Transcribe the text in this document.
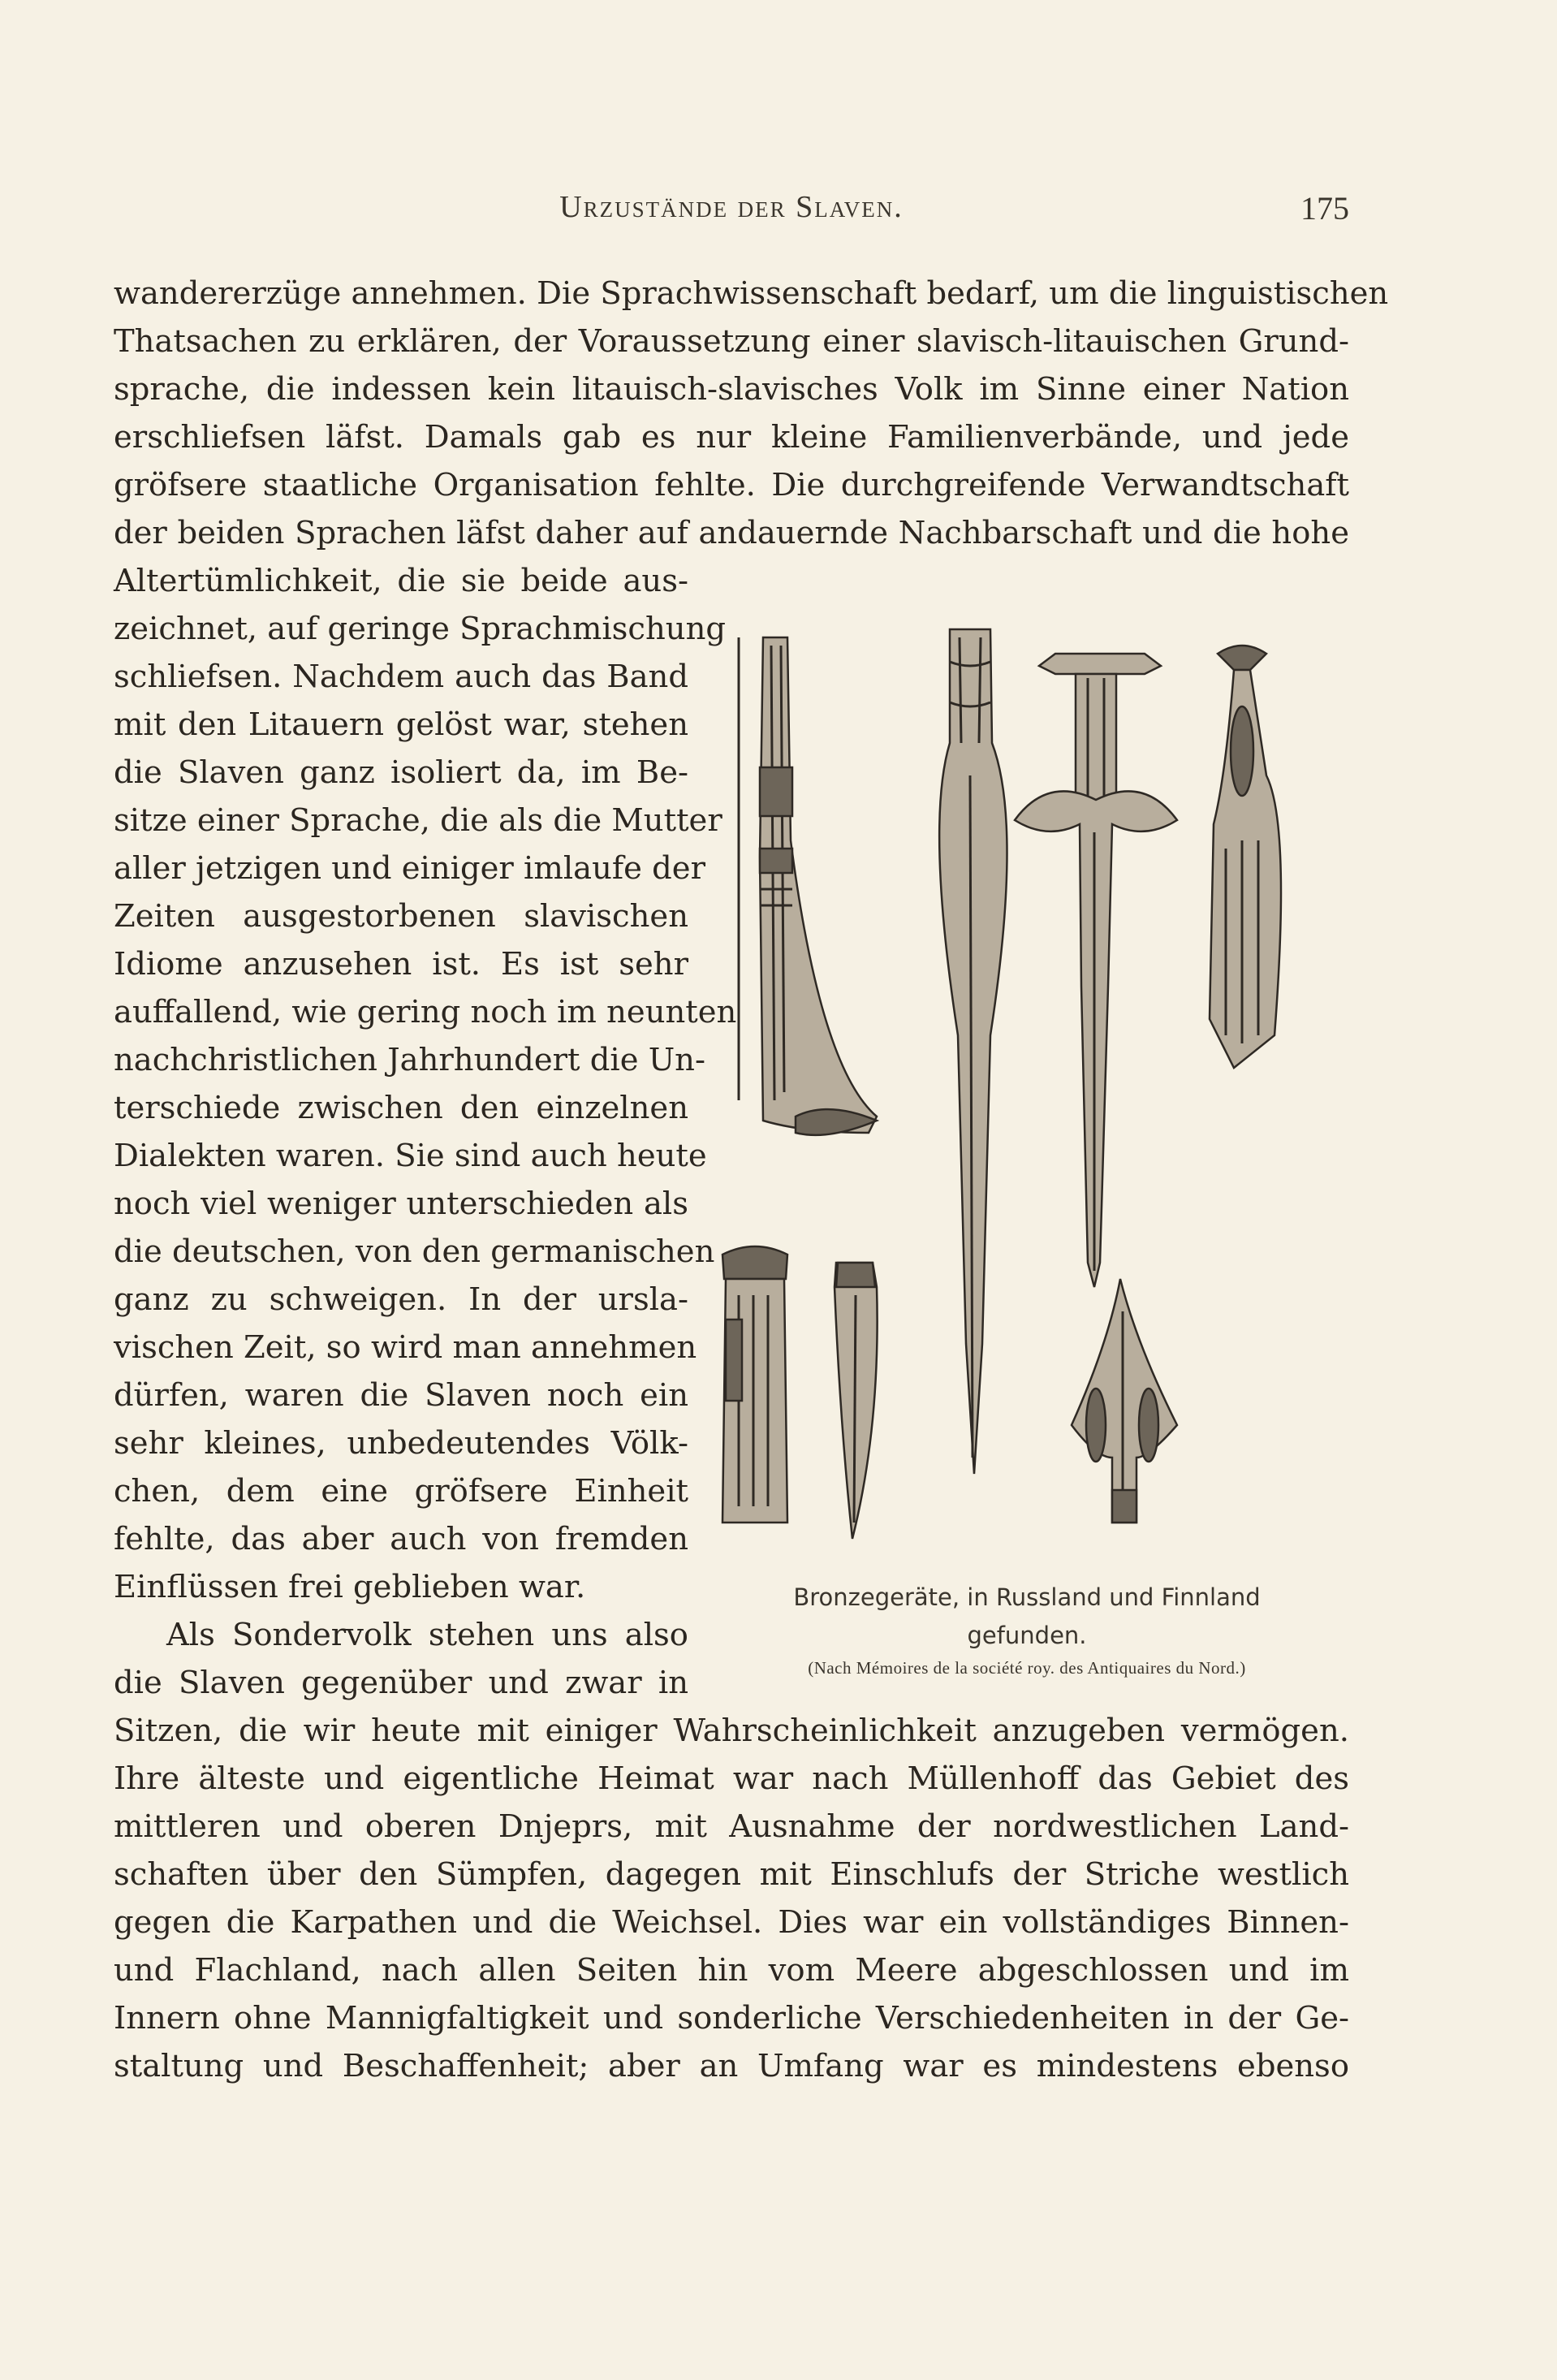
Urzustände der Slaven.	175
wandererzüge annehmen. Die Sprachwissenschaft bedarf, um die linguistischen
Thatsachen zu erklären, der Voraussetzung einer slavisch-litauischen Grund-
sprache, die indessen kein litauisch-slavisches Volk im Sinne einer Nation
erschliefsen läfst. Damals gab es nur kleine Familienverbände, und jede
gröfsere staatliche Organisation fehlte. Die durchgreifende Verwandtschaft
der beiden Sprachen läfst daher auf andauernde Nachbarschaft und die hohe
Altertümlichkeit, die sie beide aus-
zeichnet, auf geringe Sprachmischung
schliefsen. Nachdem auch das Band
mit den Litauern gelöst war, stehen
die Slaven ganz isoliert da, im Be-
sitze einer Sprache, die als die Mutter
aller jetzigen und einiger imlaufe der
Zeiten ausgestorbenen slavischen
Idiome anzusehen ist. Es ist sehr
auffallend, wie gering noch im neunten
nachchristlichen Jahrhundert die Un-
terschiede zwischen den einzelnen
Dialekten waren. Sie sind auch heute
noch viel weniger unterschieden als
die deutschen, von den germanischen
ganz zu schweigen. In der ursla-
vischen Zeit, so wird man annehmen
dürfen, waren die Slaven noch ein
sehr kleines, unbedeutendes Völk-
chen, dem eine gröfsere Einheit
fehlte, das aber auch von fremden
Einflüssen frei geblieben war.
Als Sondervolk stehen uns also
die Slaven gegenüber und zwar in
Sitzen, die wir heute mit einiger Wahrscheinlichkeit anzugeben vermögen.
Ihre älteste und eigentliche Heimat war nach Müllenhoff das Gebiet des
mittleren und oberen Dnjeprs, mit Ausnahme der nordwestlichen Land-
schaften über den Sümpfen, dagegen mit Einschlufs der Striche westlich
gegen die Karpathen und die Weichsel. Dies war ein vollständiges Binnen-
und Flachland, nach allen Seiten hin vom Meere abgeschlossen und im
Innern ohne Mannigfaltigkeit und sonderliche Verschiedenheiten in der Ge-
staltung und Beschaffenheit; aber an Umfang war es mindestens ebenso
Bronzegeräte, in Russland und Finnland
gefunden.
(Nach Mémoires de la société roy. des Antiquaires du Nord.)
